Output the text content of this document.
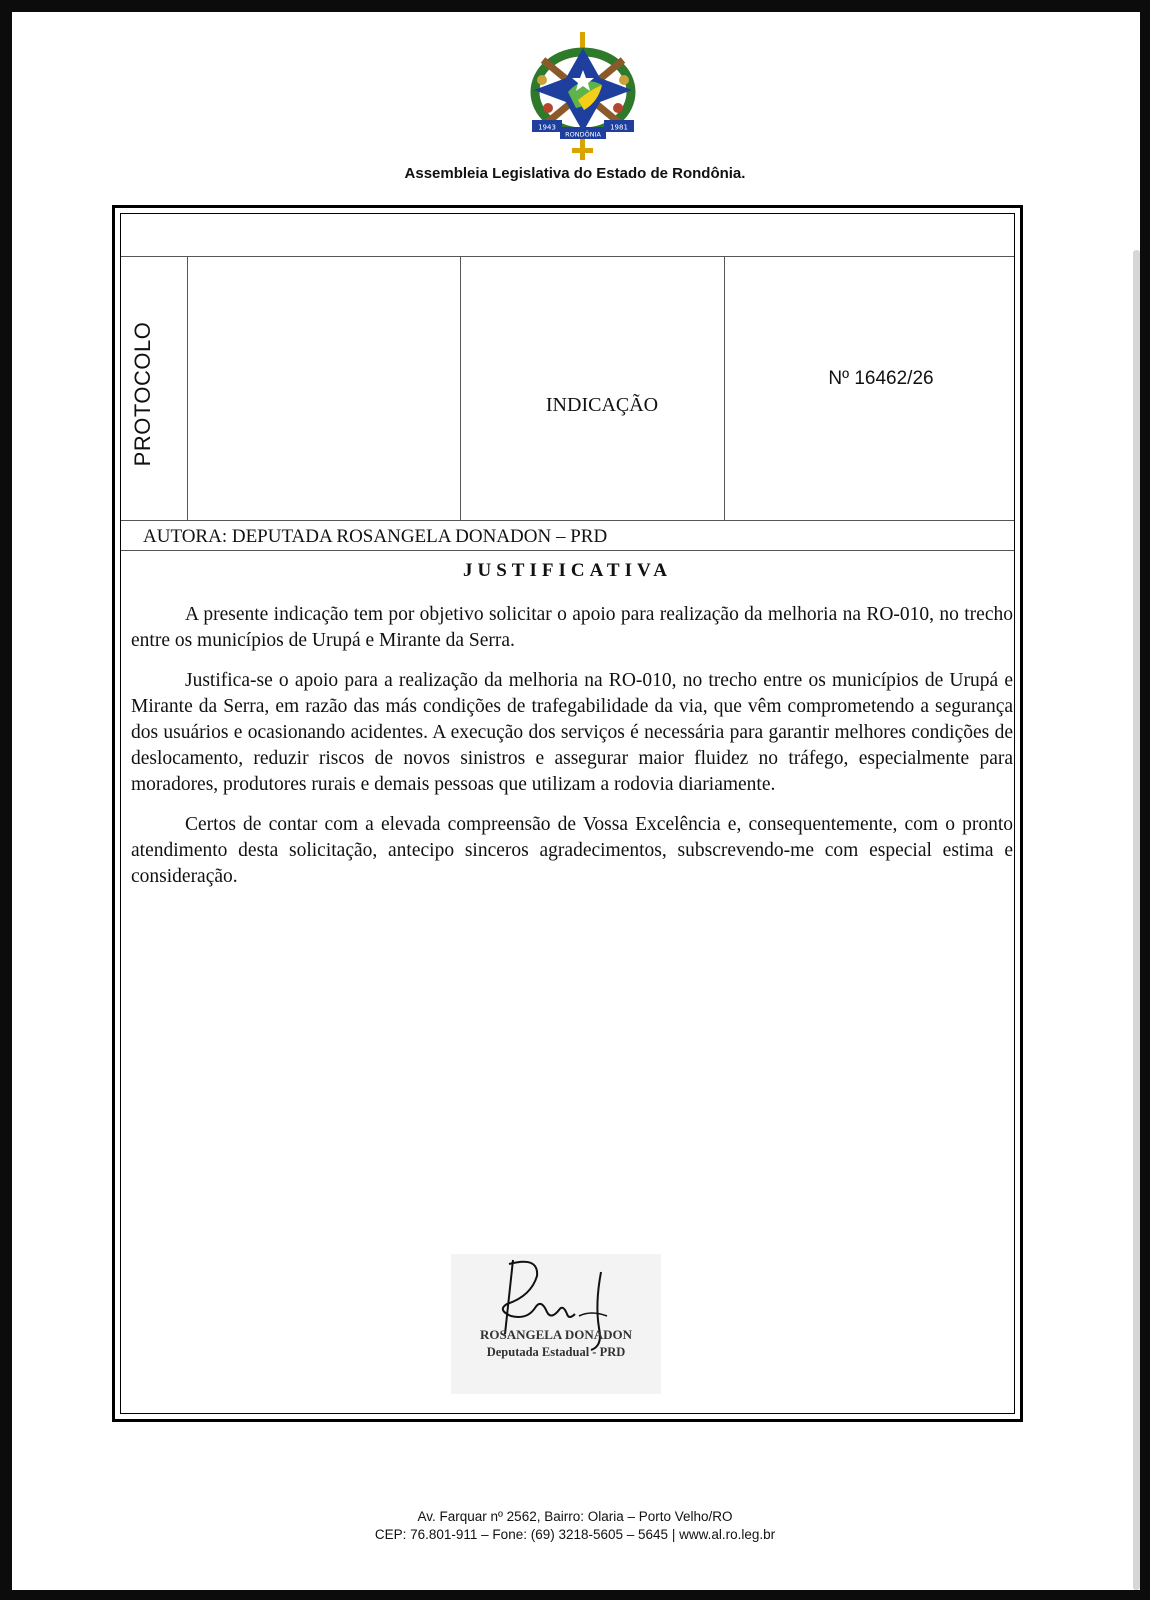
1943	1981
RONDÔNIA
Assembleia Legislativa do Estado de Rondônia.
PROTOCOLO	INDICAÇÃO
Nº 16462/26
AUTORA: DEPUTADA ROSANGELA DONADON – PRD
JUSTIFICATIVA

A presente indicação tem por objetivo solicitar o apoio para realização da melhoria na RO-010, no trecho entre os municípios de Urupá e Mirante da Serra.

Justifica-se o apoio para a realização da melhoria na RO-010, no trecho entre os municípios de Urupá e Mirante da Serra, em razão das más condições de trafegabilidade da via, que vêm comprometendo a segurança dos usuários e ocasionando acidentes. A execução dos serviços é necessária para garantir melhores condições de deslocamento, reduzir riscos de novos sinistros e assegurar maior fluidez no tráfego, especialmente para moradores, produtores rurais e demais pessoas que utilizam a rodovia diariamente.

Certos de contar com a elevada compreensão de Vossa Excelência e, consequentemente, com o pronto atendimento desta solicitação, antecipo sinceros agradecimentos, subscrevendo-me com especial estima e consideração.

ROSANGELA DONADON
Deputada Estadual - PRD
Av. Farquar nº 2562, Bairro: Olaria – Porto Velho/RO
CEP: 76.801-911 – Fone: (69) 3218-5605 – 5645 | www.al.ro.leg.br
